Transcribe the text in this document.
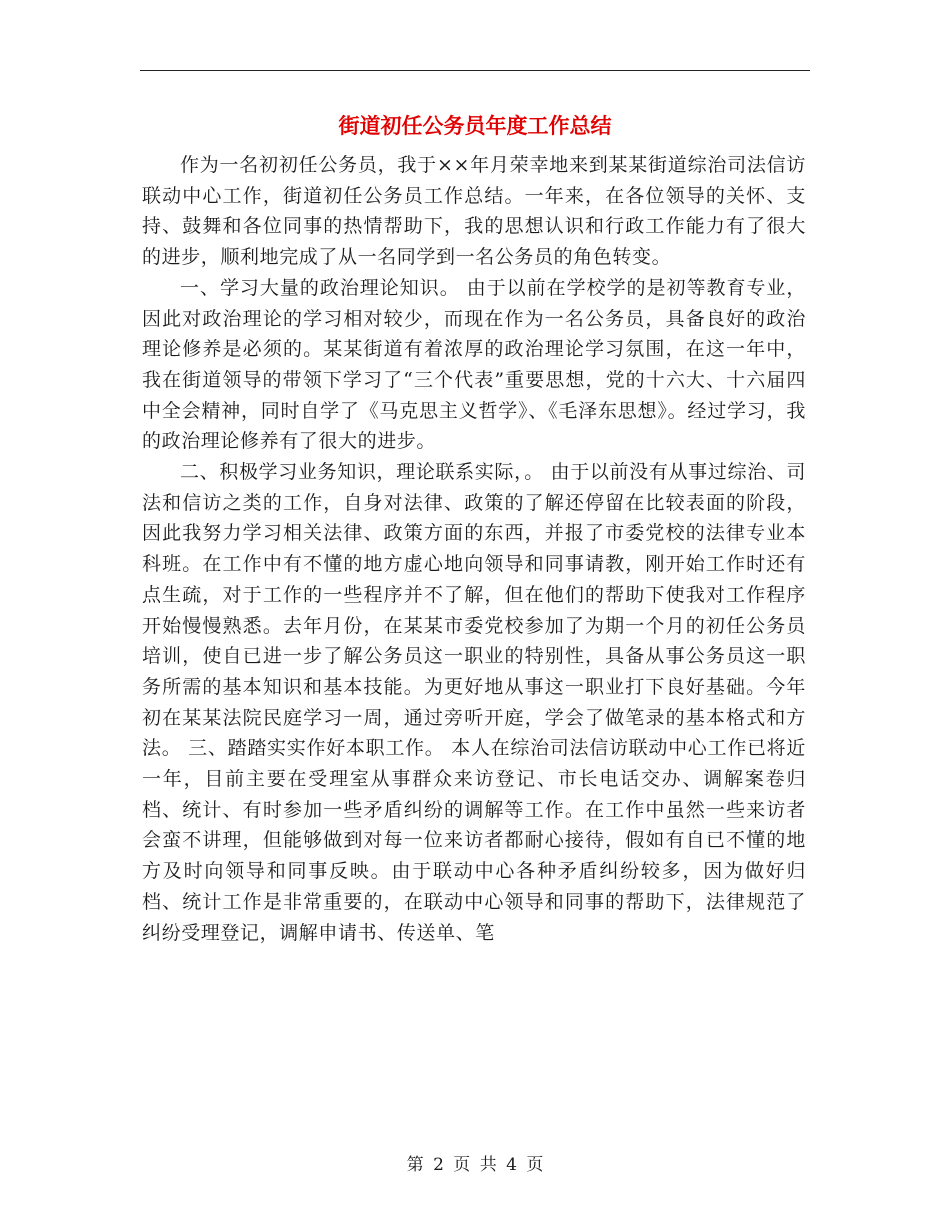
街道初任公务员年度工作总结

作为一名初初任公务员，我于××年月荣幸地来到某某街道综治司法信访联动中心工作，街道初任公务员工作总结。一年来，在各位领导的关怀、支持、鼓舞和各位同事的热情帮助下，我的思想认识和行政工作能力有了很大的进步，顺利地完成了从一名同学到一名公务员的角色转变。

一、学习大量的政治理论知识。 由于以前在学校学的是初等教育专业，因此对政治理论的学习相对较少，而现在作为一名公务员，具备良好的政治理论修养是必须的。某某街道有着浓厚的政治理论学习氛围，在这一年中，我在街道领导的带领下学习了“三个代表”重要思想，党的十六大、十六届四中全会精神，同时自学了《马克思主义哲学》、《毛泽东思想》。经过学习，我的政治理论修养有了很大的进步。

二、积极学习业务知识，理论联系实际，。 由于以前没有从事过综治、司法和信访之类的工作，自身对法律、政策的了解还停留在比较表面的阶段，因此我努力学习相关法律、政策方面的东西，并报了市委党校的法律专业本科班。在工作中有不懂的地方虚心地向领导和同事请教，刚开始工作时还有点生疏，对于工作的一些程序并不了解，但在他们的帮助下使我对工作程序开始慢慢熟悉。去年月份，在某某市委党校参加了为期一个月的初任公务员培训，使自已进一步了解公务员这一职业的特别性，具备从事公务员这一职务所需的基本知识和基本技能。为更好地从事这一职业打下良好基础。今年初在某某法院民庭学习一周，通过旁听开庭，学会了做笔录的基本格式和方法。 三、踏踏实实作好本职工作。 本人在综治司法信访联动中心工作已将近一年，目前主要在受理室从事群众来访登记、市长电话交办、调解案卷归档、统计、有时参加一些矛盾纠纷的调解等工作。在工作中虽然一些来访者会蛮不讲理，但能够做到对每一位来访者都耐心接待，假如有自已不懂的地方及时向领导和同事反映。由于联动中心各种矛盾纠纷较多，因为做好归档、统计工作是非常重要的，在联动中心领导和同事的帮助下，法律规范了纠纷受理登记，调解申请书、传送单、笔

第 2 页 共 4 页
